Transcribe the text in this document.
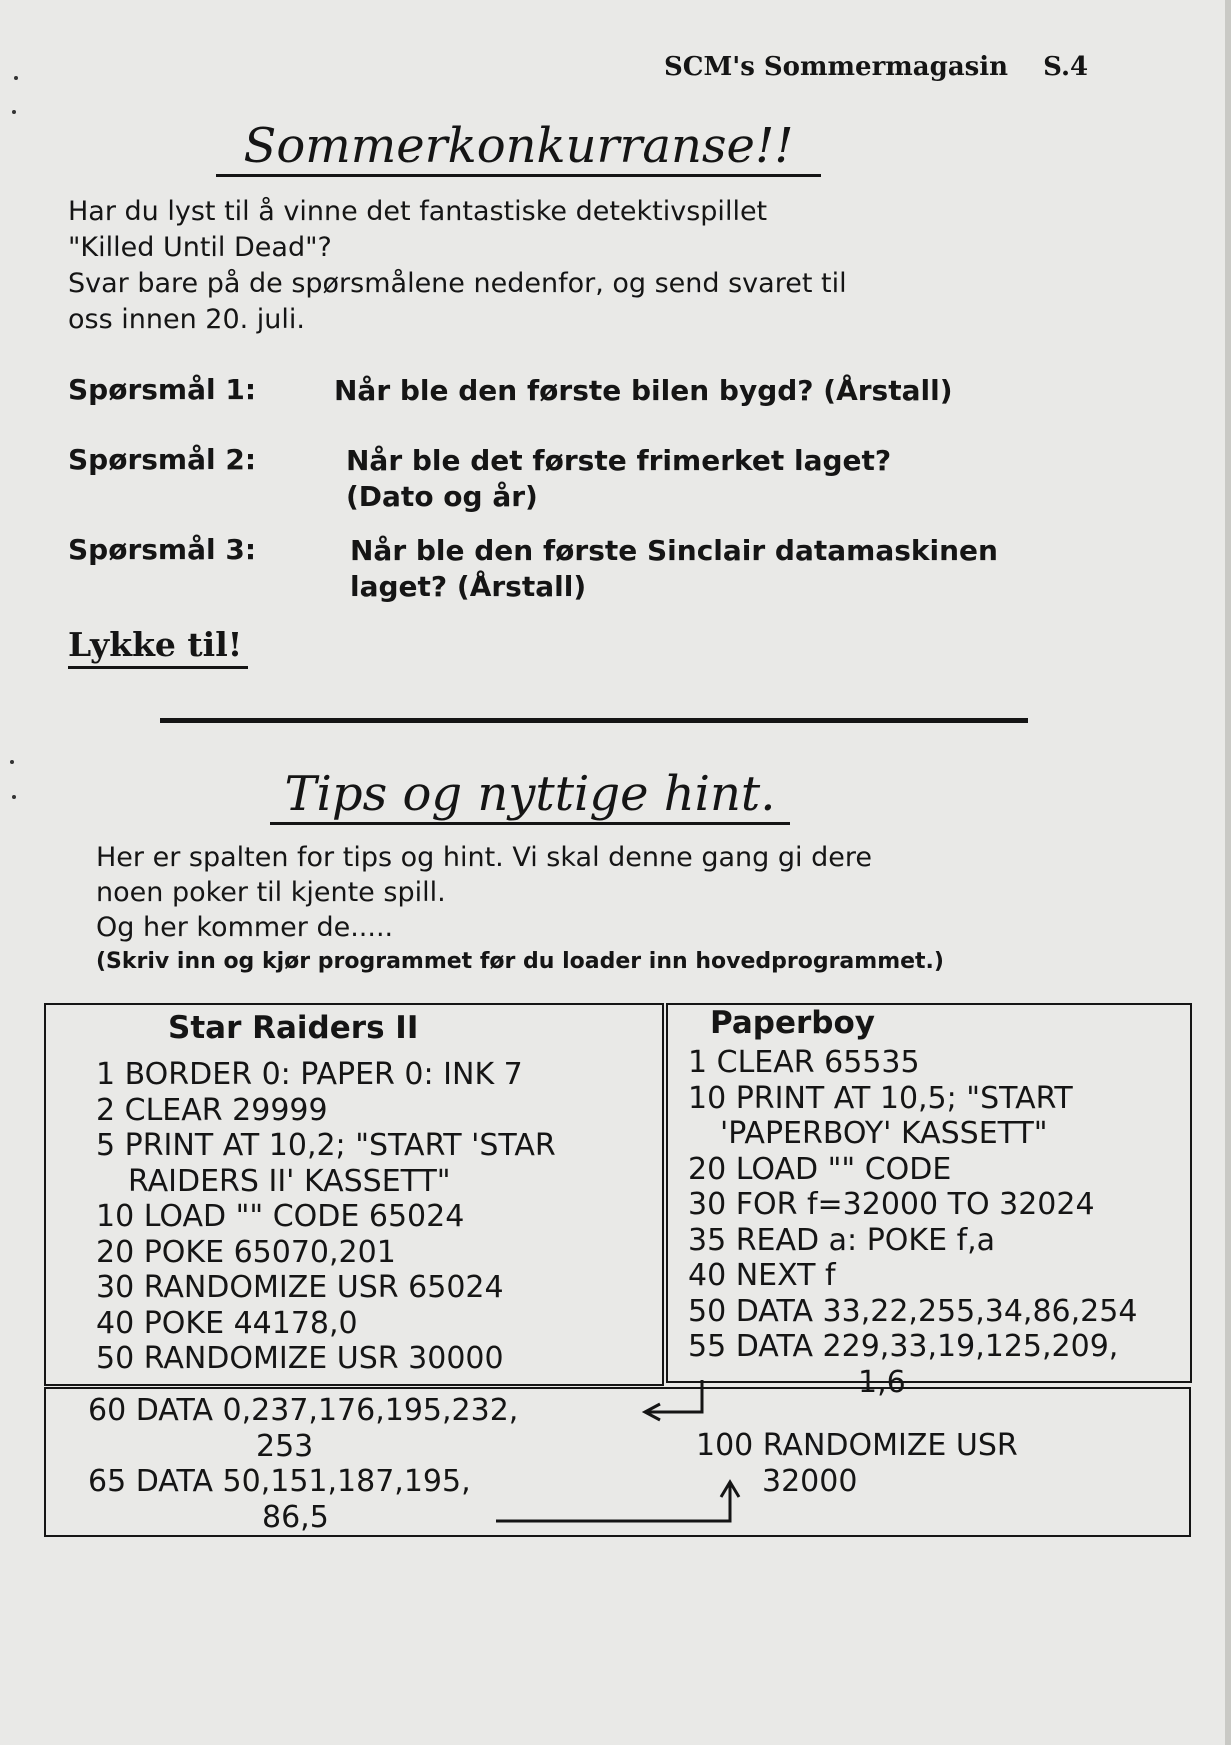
SCM's Sommermagasin S.4
Sommerkonkurranse!!
Har du lyst til å vinne det fantastiske detektivspillet
"Killed Until Dead"?
Svar bare på de spørsmålene nedenfor, og send svaret til
oss innen 20. juli.
Spørsmål 1:	Når ble den første bilen bygd? (Årstall)
Spørsmål 2:	Når ble det første frimerket laget?
(Dato og år)
Spørsmål 3:	Når ble den første Sinclair datamaskinen
laget? (Årstall)
Lykke til!
Tips og nyttige hint.
Her er spalten for tips og hint. Vi skal denne gang gi dere
noen poker til kjente spill.
Og her kommer de.....
(Skriv inn og kjør programmet før du loader inn hovedprogrammet.)
Star Raiders II
1 BORDER 0: PAPER 0: INK 7
2 CLEAR 29999
5 PRINT AT 10,2; "START 'STAR
RAIDERS II' KASSETT"
10 LOAD "" CODE 65024
20 POKE 65070,201
30 RANDOMIZE USR 65024
40 POKE 44178,0
50 RANDOMIZE USR 30000
Paperboy
1 CLEAR 65535
10 PRINT AT 10,5; "START
'PAPERBOY' KASSETT"
20 LOAD "" CODE
30 FOR f=32000 TO 32024
35 READ a: POKE f,a
40 NEXT f
50 DATA 33,22,255,34,86,254
55 DATA 229,33,19,125,209,
1,6
60 DATA 0,237,176,195,232,
253
65 DATA 50,151,187,195,
86,5
100 RANDOMIZE USR
32000
